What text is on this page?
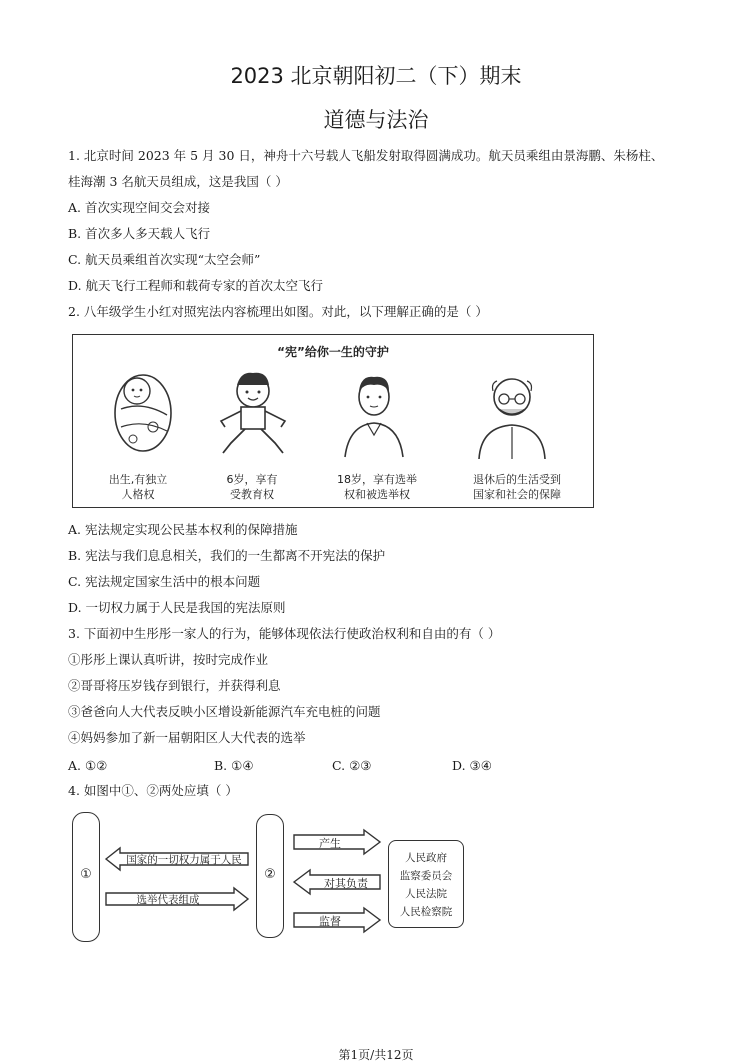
2023 北京朝阳初二（下）期末
道德与法治
1. 北京时间 2023 年 5 月 30 日，神舟十六号载人飞船发射取得圆满成功。航天员乘组由景海鹏、朱杨柱、
桂海潮 3 名航天员组成，这是我国（ ）
A. 首次实现空间交会对接
B. 首次多人多天载人飞行
C. 航天员乘组首次实现“太空会师”
D. 航天飞行工程师和载荷专家的首次太空飞行
2. 八年级学生小红对照宪法内容梳理出如图。对此，以下理解正确的是（ ）
“宪”给你一生的守护
出生,有独立
人格权
6岁，享有
受教育权
18岁，享有选举
权和被选举权
退休后的生活受到
国家和社会的保障
A. 宪法规定实现公民基本权利的保障措施
B. 宪法与我们息息相关，我们的一生都离不开宪法的保护
C. 宪法规定国家生活中的根本问题
D. 一切权力属于人民是我国的宪法原则
3. 下面初中生彤彤一家人的行为，能够体现依法行使政治权利和自由的有（ ）
①彤彤上课认真听讲，按时完成作业
②哥哥将压岁钱存到银行，并获得利息
③爸爸向人大代表反映小区增设新能源汽车充电桩的问题
④妈妈参加了新一届朝阳区人大代表的选举
A. ①②	B. ①④	C. ②③	D. ③④
4. 如图中①、②两处应填（ ）
①	②
国家的一切权力属于人民
选举代表组成
产生
对其负责
监督
人民政府
监察委员会
人民法院
人民检察院
第1页/共12页
